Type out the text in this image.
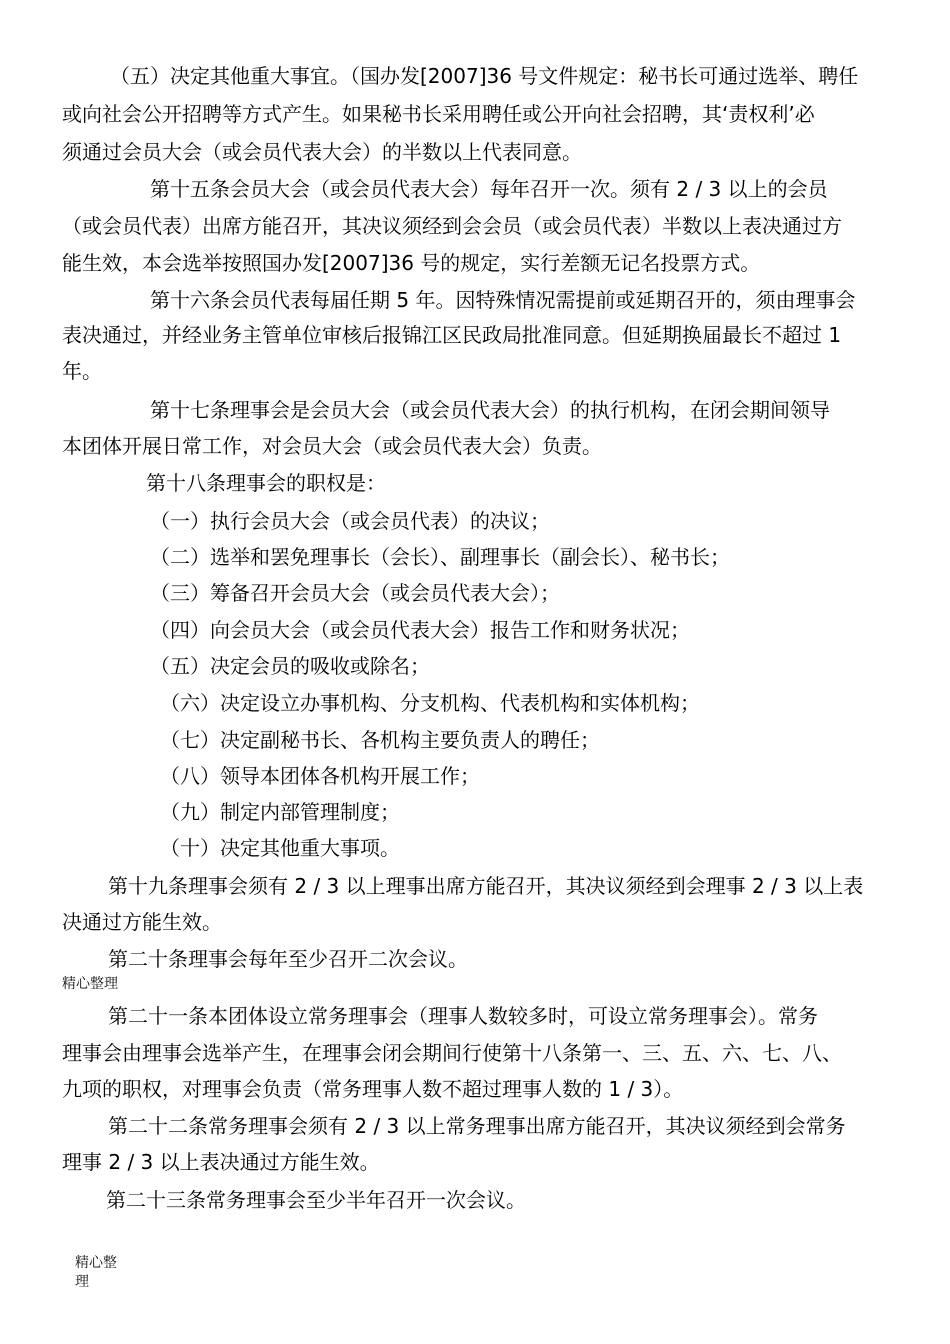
（五）决定其他重大事宜。（国办发[2007]36 号文件规定：秘书长可通过选举、聘任
或向社会公开招聘等方式产生。如果秘书长采用聘任或公开向社会招聘，其‘责权利’必
须通过会员大会（或会员代表大会）的半数以上代表同意。
第十五条会员大会（或会员代表大会）每年召开一次。须有 2 / 3 以上的会员
（或会员代表）出席方能召开，其决议须经到会会员（或会员代表）半数以上表决通过方
能生效，本会选举按照国办发[2007]36 号的规定，实行差额无记名投票方式。
第十六条会员代表每届任期 5 年。因特殊情况需提前或延期召开的，须由理事会
表决通过，并经业务主管单位审核后报锦江区民政局批准同意。但延期换届最长不超过 1
年。
第十七条理事会是会员大会（或会员代表大会）的执行机构，在闭会期间领导
本团体开展日常工作，对会员大会（或会员代表大会）负责。
第十八条理事会的职权是：
（一）执行会员大会（或会员代表）的决议；
（二）选举和罢免理事长（会长）、副理事长（副会长）、秘书长；
（三）筹备召开会员大会（或会员代表大会）；
（四）向会员大会（或会员代表大会）报告工作和财务状况；
（五）决定会员的吸收或除名；
（六）决定设立办事机构、分支机构、代表机构和实体机构；
（七）决定副秘书长、各机构主要负责人的聘任；
（八）领导本团体各机构开展工作；
（九）制定内部管理制度；
（十）决定其他重大事项。
第十九条理事会须有 2 / 3 以上理事出席方能召开，其决议须经到会理事 2 / 3 以上表
决通过方能生效。
第二十条理事会每年至少召开二次会议。
精心整理
第二十一条本团体设立常务理事会（理事人数较多时，可设立常务理事会）。常务
理事会由理事会选举产生，在理事会闭会期间行使第十八条第一、三、五、六、七、八、
九项的职权，对理事会负责（常务理事人数不超过理事人数的 1 / 3）。
第二十二条常务理事会须有 2 / 3 以上常务理事出席方能召开，其决议须经到会常务
理事 2 / 3 以上表决通过方能生效。
第二十三条常务理事会至少半年召开一次会议。
精心整
理
